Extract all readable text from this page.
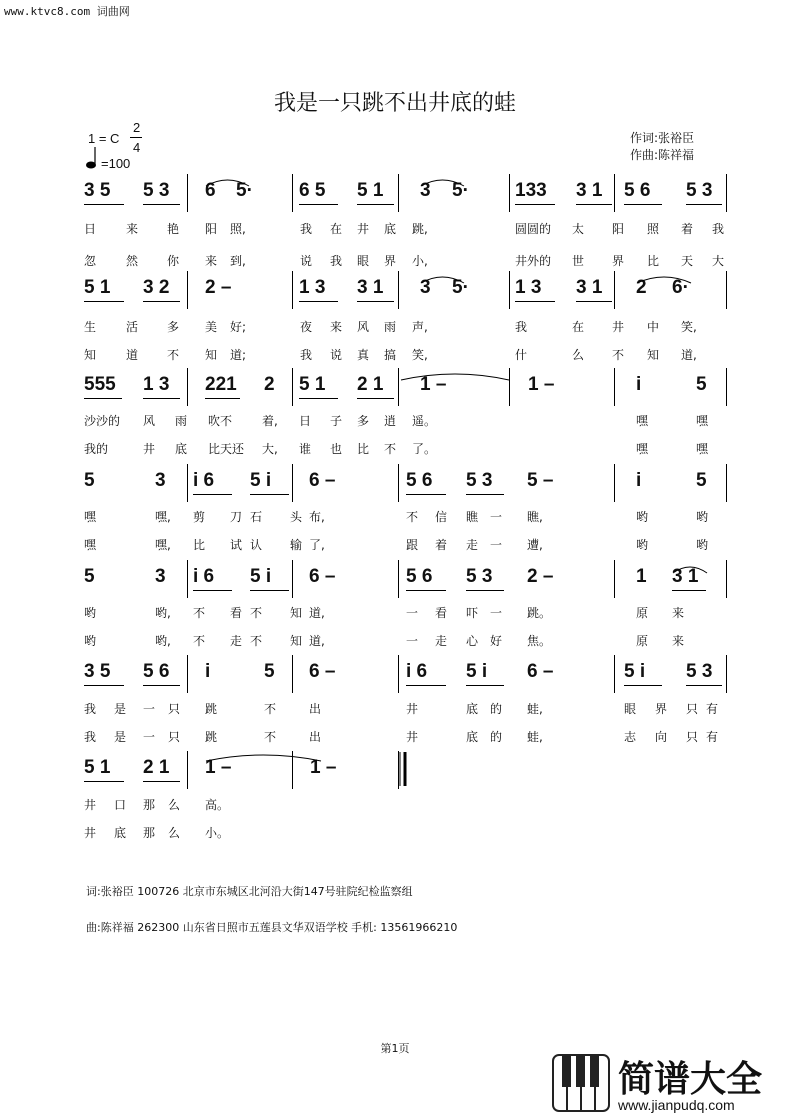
www.ktvc8.com 词曲网
我是一只跳不出井底的蛙
1 = C
2
4
=100
作词:张裕臣
作曲:陈祥福
3 5 5 3 6 5· 6 5 5 1 3 5· 133 3 1 5 6 5 3
日 来 艳 阳 照,	我 在 井 底 跳,	圆圆的 太 阳 照 着 我
忽 然 你 来 到,	说 我 眼 界 小,	井外的 世 界 比 天 大
5 1 3 2 2 –	1 3 3 1 3 5· 1 3 3 1 2 6·
生 活 多 美 好;	夜 来 风 雨 声,	我	在 井 中 笑,
知 道 不 知 道;	我 说 真 搞 笑,	什	么 不 知 道,
555 1 3 221 2 5 1 2 1 1 –	1 –	i	5
沙沙的 风 雨 吹不 着, 日 子 多 逍 遥。	嘿	嘿
我的	井 底 比天还 大, 谁 也 比 不 了。	嘿	嘿
5	3 i 6 5 i 6 –	5 6 5 3 5 –	i	5
嘿	嘿, 剪 刀 石 头 布,	不 信 瞧 一 瞧,	哟	哟
嘿	嘿, 比 试 认 输 了,	跟 着 走 一 遭,	哟	哟
5	3 i 6 5 i 6 –	5 6 5 3 2 –	1 3 1
哟	哟, 不 看 不 知 道,	一 看 吓 一 跳。	原 来
哟	哟, 不 走 不 知 道,	一 走 心 好 焦。	原 来
3 5 5 6 i	5 6 –	i 6 5 i 6 –	5 i 5 3
我 是 一 只 跳	不	出	井	底 的 蛙,	眼 界 只 有
我 是 一 只 跳	不	出	井	底 的 蛙,	志 向 只 有
5 1 2 1 1 –	1 –
井 口 那 么 高。
井 底 那 么 小。
词:张裕臣 100726 北京市东城区北河沿大街147号驻院纪检监察组
曲:陈祥福 262300 山东省日照市五莲县文华双语学校 手机: 13561966210
第1页
简谱大全
www.jianpudq.com
